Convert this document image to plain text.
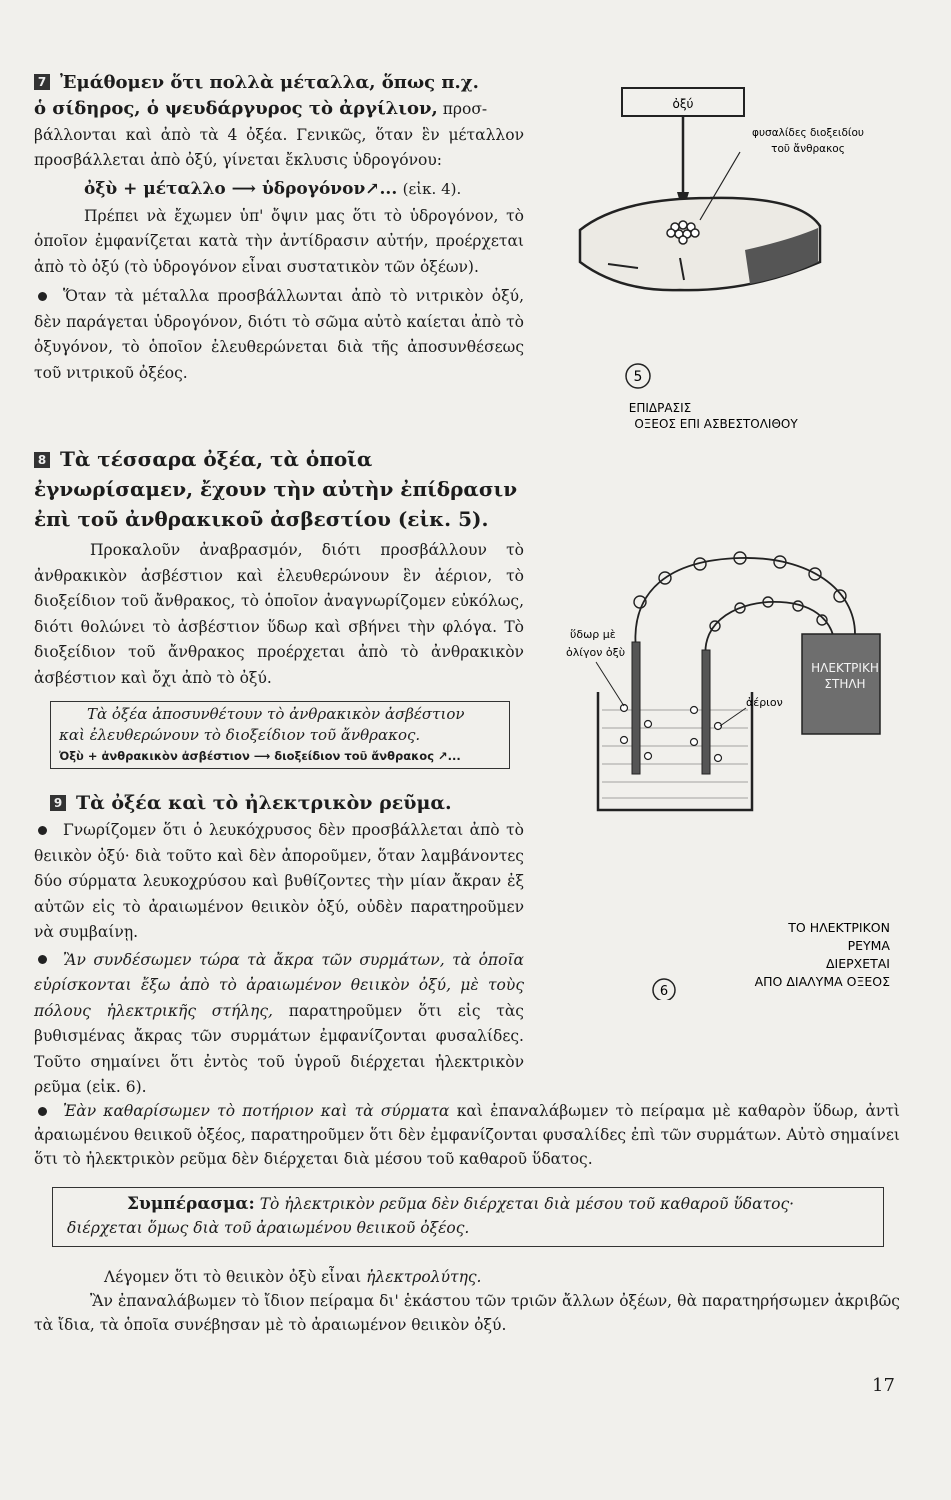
7 Ἐμάθομεν ὅτι πολλὰ μέταλλα, ὅπως π.χ.

ὁ σίδηρος, ὁ ψευδάργυρος τὸ ἀργίλιον, προσ-

βάλλονται καὶ ἀπὸ τὰ 4 ὀξέα. Γενικῶς, ὅταν ἓν μέταλλον προσβάλλεται ἀπὸ ὀξύ, γίνεται ἔκλυσις ὑδρογόνου:

ὀξὺ + μέταλλο ⟶ ὑδρογόνον↗... (εἰκ. 4).

Πρέπει νὰ ἔχωμεν ὑπ' ὄψιν μας ὅτι τὸ ὑδρογόνον, τὸ ὁποῖον ἐμφανίζεται κατὰ τὴν ἀντίδρασιν αὐτήν, προέρχεται ἀπὸ τὸ ὀξύ (τὸ ὑδρογόνον εἶναι συστατικὸν τῶν ὀξέων).

Ὅταν τὰ μέταλλα προσβάλλωνται ἀπὸ τὸ νιτρικὸν ὀξύ, δὲν παράγεται ὑδρογόνον, διότι τὸ σῶμα αὐτὸ καίεται ἀπὸ τὸ ὀξυγόνον, τὸ ὁποῖον ἐλευθερώνεται διὰ τῆς ἀποσυνθέσεως τοῦ νιτρικοῦ ὀξέος.

8 Τὰ τέσσαρα ὀξέα, τὰ ὁποῖα ἐγνωρίσαμεν, ἔχουν τὴν αὐτὴν ἐπίδρασιν ἐπὶ τοῦ ἀνθρακικοῦ ἀσβεστίου (εἰκ. 5).

Προκαλοῦν ἀναβρασμόν, διότι προσβάλλουν τὸ ἀνθρακικὸν ἀσβέστιον καὶ ἐλευθερώνουν ἓν ἀέριον, τὸ διοξείδιον τοῦ ἄνθρακος, τὸ ὁποῖον ἀναγνωρίζομεν εὐκόλως, διότι θολώνει τὸ ἀσβέστιον ὕδωρ καὶ σβήνει τὴν φλόγα. Τὸ διοξείδιον τοῦ ἄνθρακος προέρχεται ἀπὸ τὸ ἀνθρακικὸν ἀσβέστιον καὶ ὄχι ἀπὸ τὸ ὀξύ.

Τὰ ὀξέα ἀποσυνθέτουν τὸ ἀνθρακικὸν ἀσβέστιον
καὶ ἐλευθερώνουν τὸ διοξείδιον τοῦ ἄνθρακος.
Ὀξὺ + ἀνθρακικὸν ἀσβέστιον ⟶ διοξείδιον τοῦ ἄνθρακος ↗...

9 Τὰ ὀξέα καὶ τὸ ἠλεκτρικὸν ρεῦμα.

Γνωρίζομεν ὅτι ὁ λευκόχρυσος δὲν προσβάλλεται ἀπὸ τὸ θειικὸν ὀξύ· διὰ τοῦτο καὶ δὲν ἀποροῦμεν, ὅταν λαμβάνοντες δύο σύρματα λευκοχρύσου καὶ βυθίζοντες τὴν μίαν ἄκραν ἐξ αὐτῶν εἰς τὸ ἀραιωμένον θειικὸν ὀξύ, οὐδὲν παρατηροῦμεν νὰ συμβαίνῃ.

Ἂν συνδέσωμεν τώρα τὰ ἄκρα τῶν συρμάτων, τὰ ὁποῖα εὑρίσκονται ἔξω ἀπὸ τὸ ἀραιωμένον θειικὸν ὀξύ, μὲ τοὺς πόλους ἠλεκτρικῆς στήλης, παρατηροῦμεν ὅτι εἰς τὰς βυθισμένας ἄκρας τῶν συρμάτων ἐμφανίζονται φυσαλίδες. Τοῦτο σημαίνει ὅτι ἐντὸς τοῦ ὑγροῦ διέρχεται ἠλεκτρικὸν ρεῦμα (εἰκ. 6).

Ἐὰν καθαρίσωμεν τὸ ποτήριον καὶ τὰ σύρματα καὶ ἐπαναλάβωμεν τὸ πείραμα μὲ καθαρὸν ὕδωρ, ἀντὶ ἀραιωμένου θειικοῦ ὀξέος, παρατηροῦμεν ὅτι δὲν ἐμφανίζονται φυσαλίδες ἐπὶ τῶν συρμάτων. Αὐτὸ σημαίνει ὅτι τὸ ἠλεκτρικὸν ρεῦμα δὲν διέρχεται διὰ μέσου τοῦ καθαροῦ ὕδατος.

Συμπέρασμα: Τὸ ἠλεκτρικὸν ρεῦμα δὲν διέρχεται διὰ μέσου τοῦ καθαροῦ ὕδατος·
διέρχεται ὅμως διὰ τοῦ ἀραιωμένου θειικοῦ ὀξέος.

Λέγομεν ὅτι τὸ θειικὸν ὀξὺ εἶναι ἠλεκτρολύτης.

Ἂν ἐπαναλάβωμεν τὸ ἴδιον πείραμα δι' ἑκάστου τῶν τριῶν ἄλλων ὀξέων, θὰ παρατηρήσωμεν ἀκριβῶς τὰ ἴδια, τὰ ὁποῖα συνέβησαν μὲ τὸ ἀραιωμένον θειικὸν ὀξύ.

ὀξύ
φυσαλίδες διοξειδίου
τοῦ ἄνθρακος
5
ΕΠΙΔΡΑΣΙΣ
ΟΞΕΟΣ ΕΠΙ ΑΣΒΕΣΤΟΛΙΘΟΥ
ΗΛΕΚΤΡΙΚΗ
ΣΤΗΛΗ
ὕδωρ μὲ
ὀλίγον ὀξὺ
ἀέριον
ΤΟ ΗΛΕΚΤΡΙΚΟΝ
ΡΕΥΜΑ
ΔΙΕΡΧΕΤΑΙ
ΑΠΟ ΔΙΑΛΥΜΑ ΟΞΕΟΣ
6
17
